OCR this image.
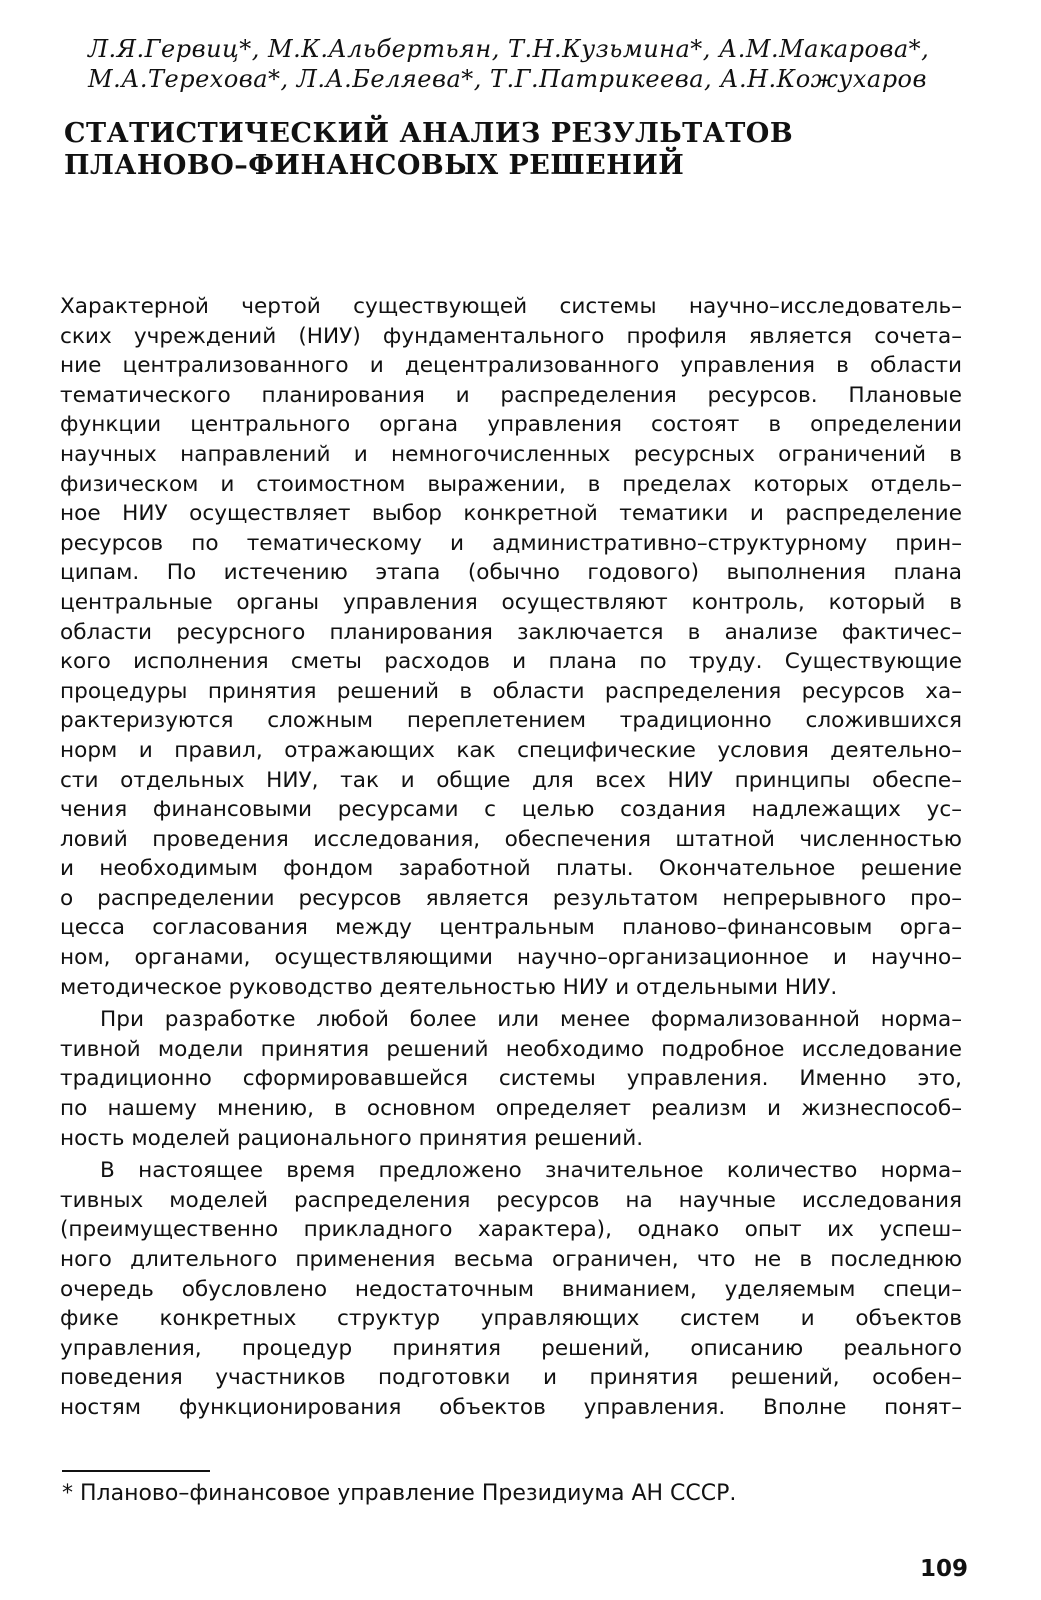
Л.Я.Гервиц*, М.К.Альбертьян, Т.Н.Кузьмина*, А.М.Макарова*,
М.А.Терехова*, Л.А.Беляева*, Т.Г.Патрикеева, А.Н.Кожухаров
СТАТИСТИЧЕСКИЙ АНАЛИЗ РЕЗУЛЬТАТОВ
ПЛАНОВО–ФИНАНСОВЫХ РЕШЕНИЙ
Характерной чертой существующей системы научно–исследователь–
ских учреждений (НИУ) фундаментального профиля является сочета–
ние централизованного и децентрализованного управления в области
тематического планирования и распределения ресурсов. Плановые
функции центрального органа управления состоят в определении
научных направлений и немногочисленных ресурсных ограничений в
физическом и стоимостном выражении, в пределах которых отдель–
ное НИУ осуществляет выбор конкретной тематики и распределение
ресурсов по тематическому и административно–структурному прин–
ципам. По истечению этапа (обычно годового) выполнения плана
центральные органы управления осуществляют контроль, который в
области ресурсного планирования заключается в анализе фактичес–
кого исполнения сметы расходов и плана по труду. Существующие
процедуры принятия решений в области распределения ресурсов ха–
рактеризуются сложным переплетением традиционно сложившихся
норм и правил, отражающих как специфические условия деятельно–
сти отдельных НИУ, так и общие для всех НИУ принципы обеспе–
чения финансовыми ресурсами с целью создания надлежащих ус–
ловий проведения исследования, обеспечения штатной численностью
и необходимым фондом заработной платы. Окончательное решение
о распределении ресурсов является результатом непрерывного про–
цесса согласования между центральным планово–финансовым орга–
ном, органами, осуществляющими научно–организационное и научно–
методическое руководство деятельностью НИУ и отдельными НИУ.
При разработке любой более или менее формализованной норма–
тивной модели принятия решений необходимо подробное исследование
традиционно сформировавшейся системы управления. Именно это,
по нашему мнению, в основном определяет реализм и жизнеспособ–
ность моделей рационального принятия решений.
В настоящее время предложено значительное количество норма–
тивных моделей распределения ресурсов на научные исследования
(преимущественно прикладного характера), однако опыт их успеш–
ного длительного применения весьма ограничен, что не в последнюю
очередь обусловлено недостаточным вниманием, уделяемым специ–
фике конкретных структур управляющих систем и объектов
управления, процедур принятия решений, описанию реального
поведения участников подготовки и принятия решений, особен–
ностям функционирования объектов управления. Вполне понят–
* Планово–финансовое управление Президиума АН СССР.
109
